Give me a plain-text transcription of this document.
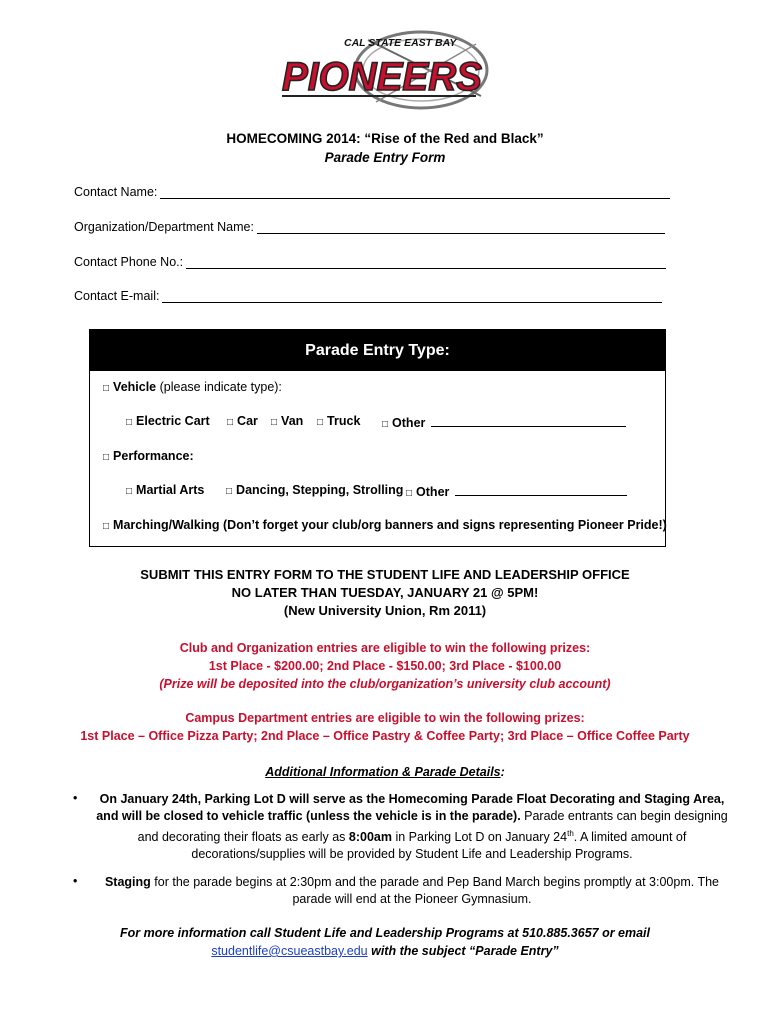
CAL STATE EAST BAY
PIONEERS
HOMECOMING 2014: “Rise of the Red and Black”
Parade Entry Form
Contact Name:
Organization/Department Name:
Contact Phone No.:
Contact E-mail:
Parade Entry Type:
□ Vehicle (please indicate type):
□ Electric Cart □ Car □ Van □ Truck □ Other
□ Performance:
□ Martial Arts □ Dancing, Stepping, Strolling □ Other
□ Marching/Walking (Don’t forget your club/org banners and signs representing Pioneer Pride!)
SUBMIT THIS ENTRY FORM TO THE STUDENT LIFE AND LEADERSHIP OFFICE
NO LATER THAN TUESDAY, JANUARY 21 @ 5PM!
(New University Union, Rm 2011)
Club and Organization entries are eligible to win the following prizes:
1st Place - $200.00; 2nd Place - $150.00; 3rd Place - $100.00
(Prize will be deposited into the club/organization’s university club account)
Campus Department entries are eligible to win the following prizes:
1st Place – Office Pizza Party; 2nd Place – Office Pastry & Coffee Party; 3rd Place – Office Coffee Party
Additional Information & Parade Details:
•	On January 24th, Parking Lot D will serve as the Homecoming Parade Float Decorating and Staging Area, and will be closed to vehicle traffic (unless the vehicle is in the parade). Parade entrants can begin designing and decorating their floats as early as 8:00am in Parking Lot D on January 24th. A limited amount of decorations/supplies will be provided by Student Life and Leadership Programs.
•	Staging for the parade begins at 2:30pm and the parade and Pep Band March begins promptly at 3:00pm. The parade will end at the Pioneer Gymnasium.
For more information call Student Life and Leadership Programs at 510.885.3657 or email
studentlife@csueastbay.edu with the subject “Parade Entry”
